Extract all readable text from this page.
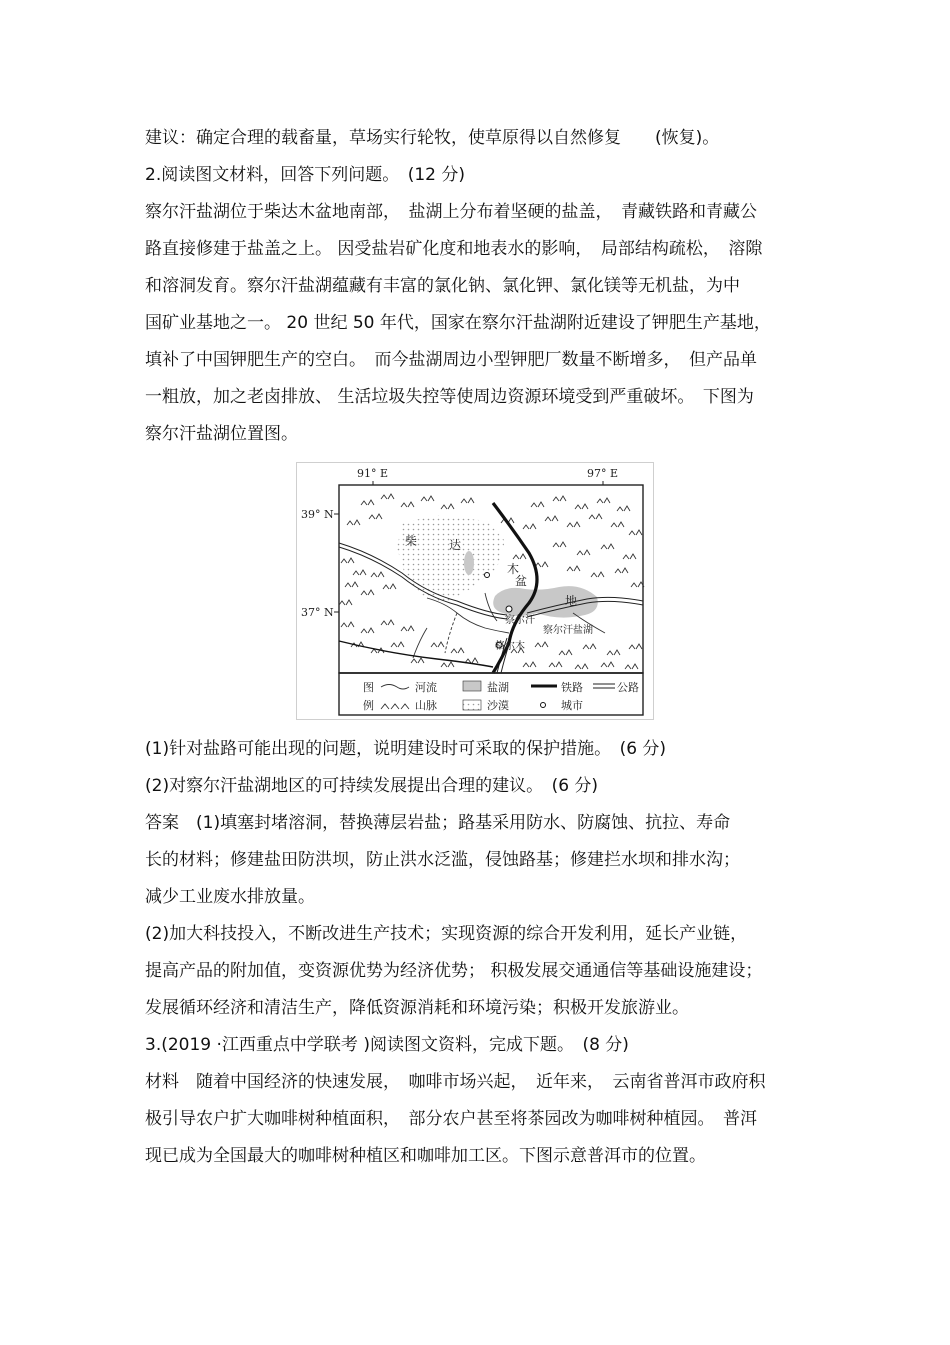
建议：确定合理的载畜量，草场实行轮牧，使草原得以自然修复　　(恢复)。
2.阅读图文材料，回答下列问题。　(12 分)
察尔汗盐湖位于柴达木盆地南部，　盐湖上分布着坚硬的盐盖，　青藏铁路和青藏公
路直接修建于盐盖之上。 因受盐岩矿化度和地表水的影响，　局部结构疏松，　溶隙
和溶洞发育。察尔汗盐湖蕴藏有丰富的氯化钠、氯化钾、氯化镁等无机盐，为中
国矿业基地之一。 20 世纪 50 年代，国家在察尔汗盐湖附近建设了钾肥生产基地，
填补了中国钾肥生产的空白。　而今盐湖周边小型钾肥厂数量不断增多，　但产品单
一粗放，加之老卤排放、 生活垃圾失控等使周边资源环境受到严重破坏。　下图为
察尔汗盐湖位置图。
(1)针对盐路可能出现的问题，说明建设时可采取的保护措施。　(6 分)
(2)对察尔汗盐湖地区的可持续发展提出合理的建议。　(6 分)
答案　(1)填塞封堵溶洞，替换薄层岩盐；路基采用防水、防腐蚀、抗拉、寿命
长的材料；修建盐田防洪坝，防止洪水泛滥，侵蚀路基；修建拦水坝和排水沟；
减少工业废水排放量。
(2)加大科技投入，不断改进生产技术；实现资源的综合开发利用，延长产业链，
提高产品的附加值，变资源优势为经济优势； 积极发展交通通信等基础设施建设；
发展循环经济和清洁生产，降低资源消耗和环境污染；积极开发旅游业。
3.(2019 ·江西重点中学联考 )阅读图文资料，完成下题。　(8 分)
材料　随着中国经济的快速发展，　咖啡市场兴起，　近年来，　云南省普洱市政府积
极引导农户扩大咖啡树种植面积，　部分农户甚至将茶园改为咖啡树种植园。　普洱
现已成为全国最大的咖啡树种植区和咖啡加工区。下图示意普洱市的位置。
91° E	97° E
39° N
37° N
柴	达
木
盆
地
察尔汗
察尔汗盐湖
格尔木
图
例
河流	盐湖	铁路	公路
山脉	沙漠	城市
